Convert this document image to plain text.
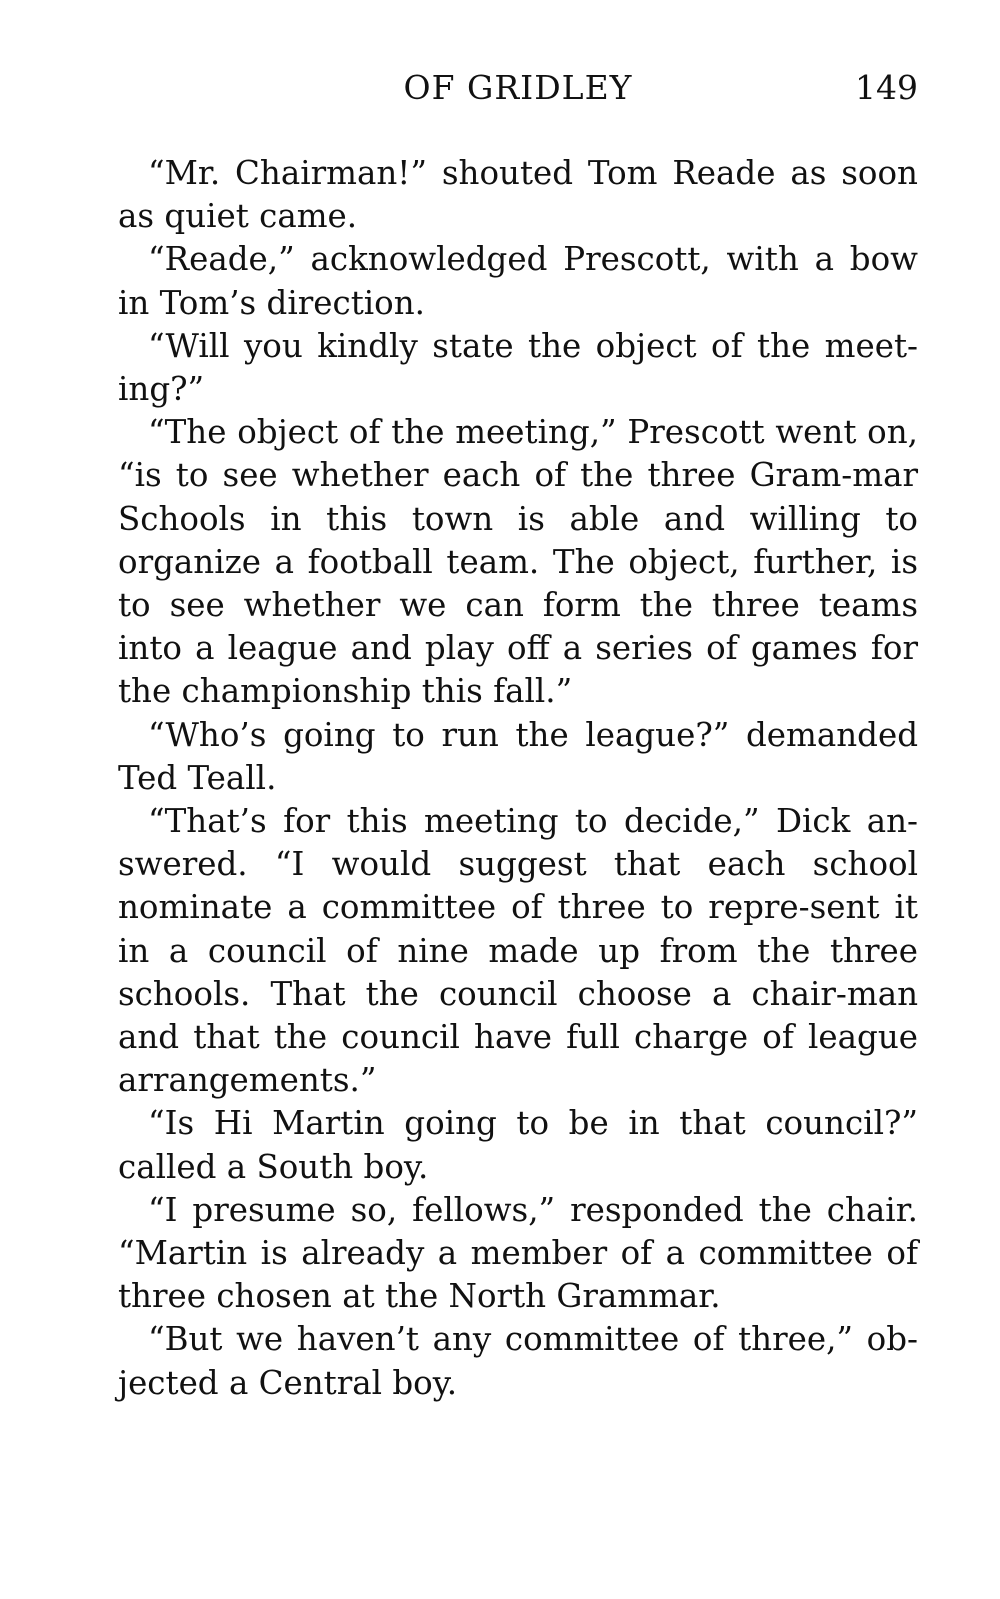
OF GRIDLEY	149

“Mr. Chairman!” shouted Tom Reade as soon as quiet came.

“Reade,” acknowledged Prescott, with a bow in Tom’s direction.

“Will you kindly state the object of the meet-ing?”

“The object of the meeting,” Prescott went on, “is to see whether each of the three Gram-mar Schools in this town is able and willing to organize a football team. The object, further, is to see whether we can form the three teams into a league and play off a series of games for the championship this fall.”

“Who’s going to run the league?” demanded Ted Teall.

“That’s for this meeting to decide,” Dick an-swered. “I would suggest that each school nominate a committee of three to repre-sent it in a council of nine made up from the three schools. That the council choose a chair-man and that the council have full charge of league arrangements.”

“Is Hi Martin going to be in that council?” called a South boy.

“I presume so, fellows,” responded the chair. “Martin is already a member of a committee of three chosen at the North Grammar.

“But we haven’t any committee of three,” ob-jected a Central boy.
